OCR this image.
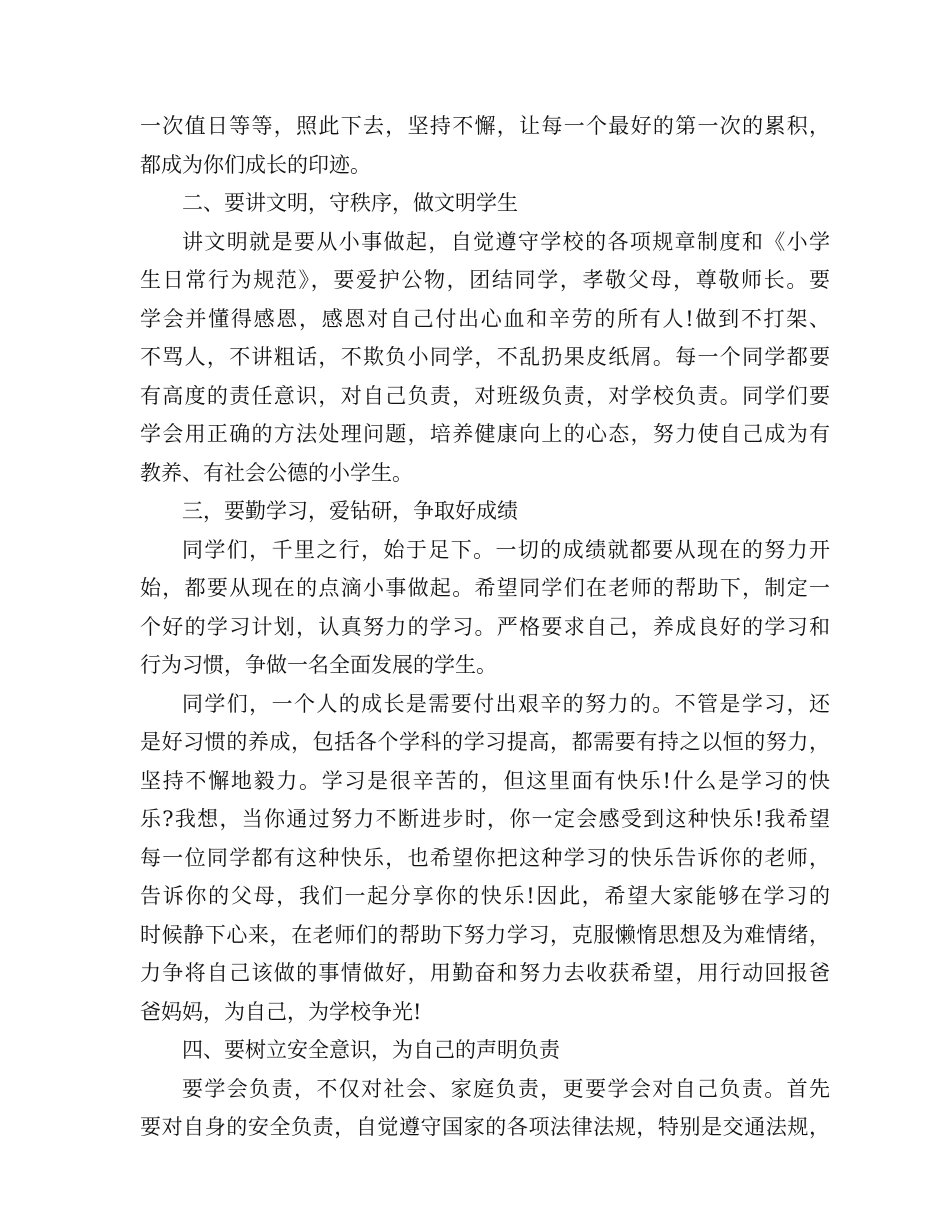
一次值日等等，照此下去，坚持不懈，让每一个最好的第一次的累积，
都成为你们成长的印迹。
二、要讲文明，守秩序，做文明学生
讲文明就是要从小事做起，自觉遵守学校的各项规章制度和《小学
生日常行为规范》，要爱护公物，团结同学，孝敬父母，尊敬师长。要
学会并懂得感恩，感恩对自己付出心血和辛劳的所有人!做到不打架、
不骂人，不讲粗话，不欺负小同学，不乱扔果皮纸屑。每一个同学都要
有高度的责任意识，对自己负责，对班级负责，对学校负责。同学们要
学会用正确的方法处理问题，培养健康向上的心态，努力使自己成为有
教养、有社会公德的小学生。
三，要勤学习，爱钻研，争取好成绩
同学们，千里之行，始于足下。一切的成绩就都要从现在的努力开
始，都要从现在的点滴小事做起。希望同学们在老师的帮助下，制定一
个好的学习计划，认真努力的学习。严格要求自己，养成良好的学习和
行为习惯，争做一名全面发展的学生。
同学们，一个人的成长是需要付出艰辛的努力的。不管是学习，还
是好习惯的养成，包括各个学科的学习提高，都需要有持之以恒的努力，
坚持不懈地毅力。学习是很辛苦的，但这里面有快乐!什么是学习的快
乐?我想，当你通过努力不断进步时，你一定会感受到这种快乐!我希望
每一位同学都有这种快乐，也希望你把这种学习的快乐告诉你的老师，
告诉你的父母，我们一起分享你的快乐!因此，希望大家能够在学习的
时候静下心来，在老师们的帮助下努力学习，克服懒惰思想及为难情绪，
力争将自己该做的事情做好，用勤奋和努力去收获希望，用行动回报爸
爸妈妈，为自己，为学校争光!
四、要树立安全意识，为自己的声明负责
要学会负责，不仅对社会、家庭负责，更要学会对自己负责。首先
要对自身的安全负责，自觉遵守国家的各项法律法规，特别是交通法规，
